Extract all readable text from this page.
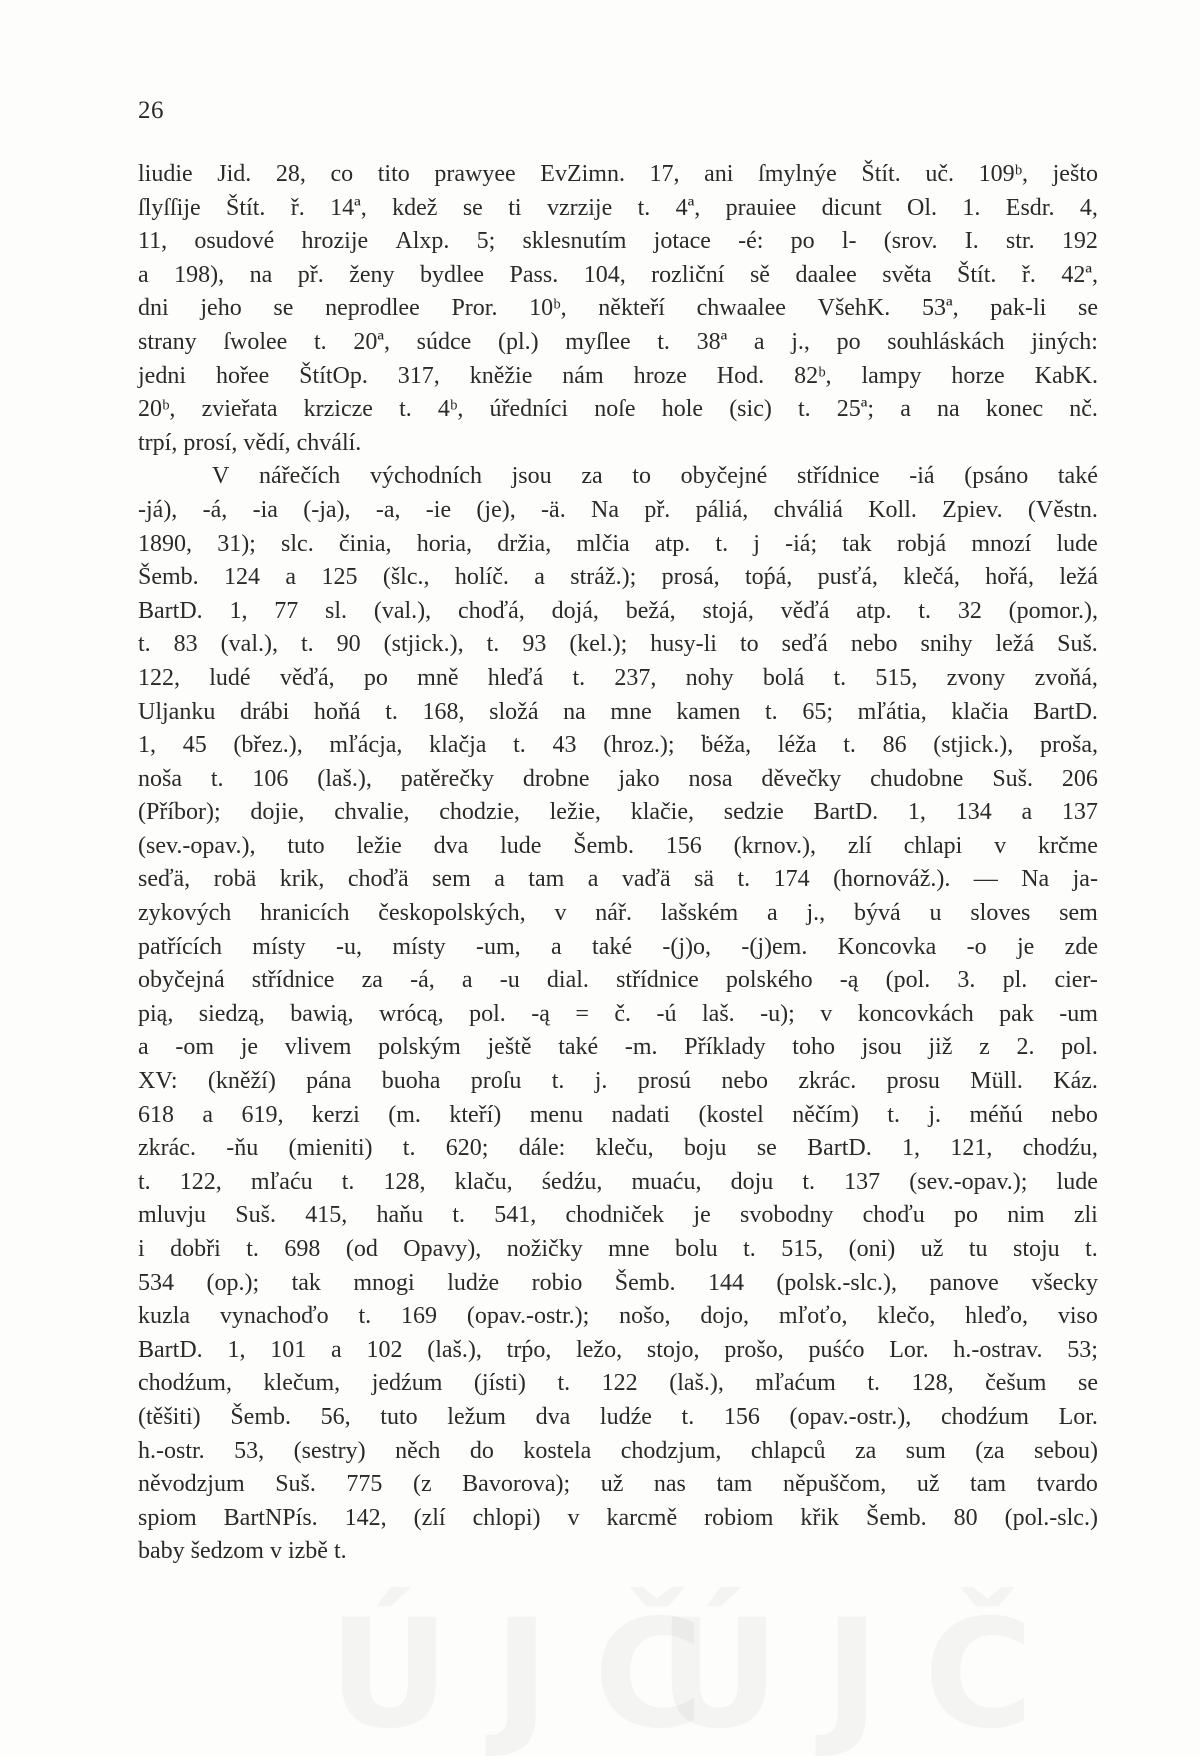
26
liudie Jid. 28, co tito prawyee EvZimn. 17, ani ſmylnýe Štít. uč. 109ᵇ, ješto
ſlyſſije Štít. ř. 14ª, kdež se ti vzrzije t. 4ª, prauiee dicunt Ol. 1. Esdr. 4,
11, osudové hrozije Alxp. 5; sklesnutím jotace -é: po l- (srov. I. str. 192
a 198), na př. ženy bydlee Pass. 104, rozliční sě daalee světa Štít. ř. 42ª,
dni jeho se neprodlee Pror. 10ᵇ, někteří chwaalee VšehK. 53ª, pak-li se
strany ſwolee t. 20ª, súdce (pl.) myſlee t. 38ª a j., po souhláskách jiných:
jedni hořee ŠtítOp. 317, kněžie nám hroze Hod. 82ᵇ, lampy horze KabK.
20ᵇ, zvieřata krzicze t. 4ᵇ, úředníci noſe hole (sic) t. 25ª; a na konec nč.
trpí, prosí, vědí, chválí.
V nářečích východních jsou za to obyčejné střídnice -iá (psáno také
-já), -á, -ia (-ja), -a, -ie (je), -ä. Na př. páliá, chváliá Koll. Zpiev. (Věstn.
1890, 31); slc. činia, horia, držia, mlčia atp. t. j -iá; tak robjá mnozí lude
Šemb. 124 a 125 (šlc., holíč. a stráž.); prosá, toṕá, pusťá, klečá, hořá, ležá
BartD. 1, 77 sl. (val.), choďá, dojá, bežá, stojá, věďá atp. t. 32 (pomor.),
t. 83 (val.), t. 90 (stjick.), t. 93 (kel.); husy-li to seďá nebo snihy ležá Suš.
122, ludé věďá, po mně hleďá t. 237, nohy bolá t. 515, zvony zvoňá,
Uljanku drábi hoňá t. 168, složá na mne kamen t. 65; mľátia, klačia BartD.
1, 45 (břez.), mľácja, klačja t. 43 (hroz.); ḃéža, léža t. 86 (stjick.), proša,
noša t. 106 (laš.), patěrečky drobne jako nosa děvečky chudobne Suš. 206
(Příbor); dojie, chvalie, chodzie, ležie, klačie, sedzie BartD. 1, 134 a 137
(sev.-opav.), tuto ležie dva lude Šemb. 156 (krnov.), zlí chlapi v krčme
seďä, robä krik, choďä sem a tam a vaďä sä t. 174 (hornováž.). — Na ja-
zykových hranicích českopolských, v nář. lašském a j., bývá u sloves sem
patřících místy -u, místy -um, a také -(j)o, -(j)em. Koncovka -o je zde
obyčejná střídnice za -á, a -u dial. střídnice polského -ą (pol. 3. pl. cier-
pią, siedzą, bawią, wrócą, pol. -ą = č. -ú laš. -u); v koncovkách pak -um
a -om je vlivem polským ještě také -m. Příklady toho jsou již z 2. pol.
XV: (kněží) pána buoha proſu t. j. prosú nebo zkrác. prosu Müll. Káz.
618 a 619, kerzi (m. kteří) menu nadati (kostel něčím) t. j. méňú nebo
zkrác. -ňu (mieniti) t. 620; dále: kleču, boju se BartD. 1, 121, chodźu,
t. 122, mľaću t. 128, klaču, śedźu, muaću, doju t. 137 (sev.-opav.); lude
mluvju Suš. 415, haňu t. 541, chodniček je svobodny choďu po nim zli
i dobři t. 698 (od Opavy), nožičky mne bolu t. 515, (oni) už tu stoju t.
534 (op.); tak mnogi ludże robio Šemb. 144 (polsk.-slc.), panove všecky
kuzla vynachoďo t. 169 (opav.-ostr.); nošo, dojo, mľoťo, klečo, hleďo, viso
BartD. 1, 101 a 102 (laš.), trṕo, ležo, stojo, prošo, puśćo Lor. h.-ostrav. 53;
chodźum, klečum, jedźum (jísti) t. 122 (laš.), mľaćum t. 128, češum se
(těšiti) Šemb. 56, tuto ležum dva ludźe t. 156 (opav.-ostr.), chodźum Lor.
h.-ostr. 53, (sestry) něch do kostela chodzjum, chlapců za sum (za sebou)
něvodzjum Suš. 775 (z Bavorova); už nas tam něpuščom, už tam tvardo
spiom BartNPís. 142, (zlí chlopi) v karcmě robiom křik Šemb. 80 (pol.-slc.)
baby šedzom v izbě t.
